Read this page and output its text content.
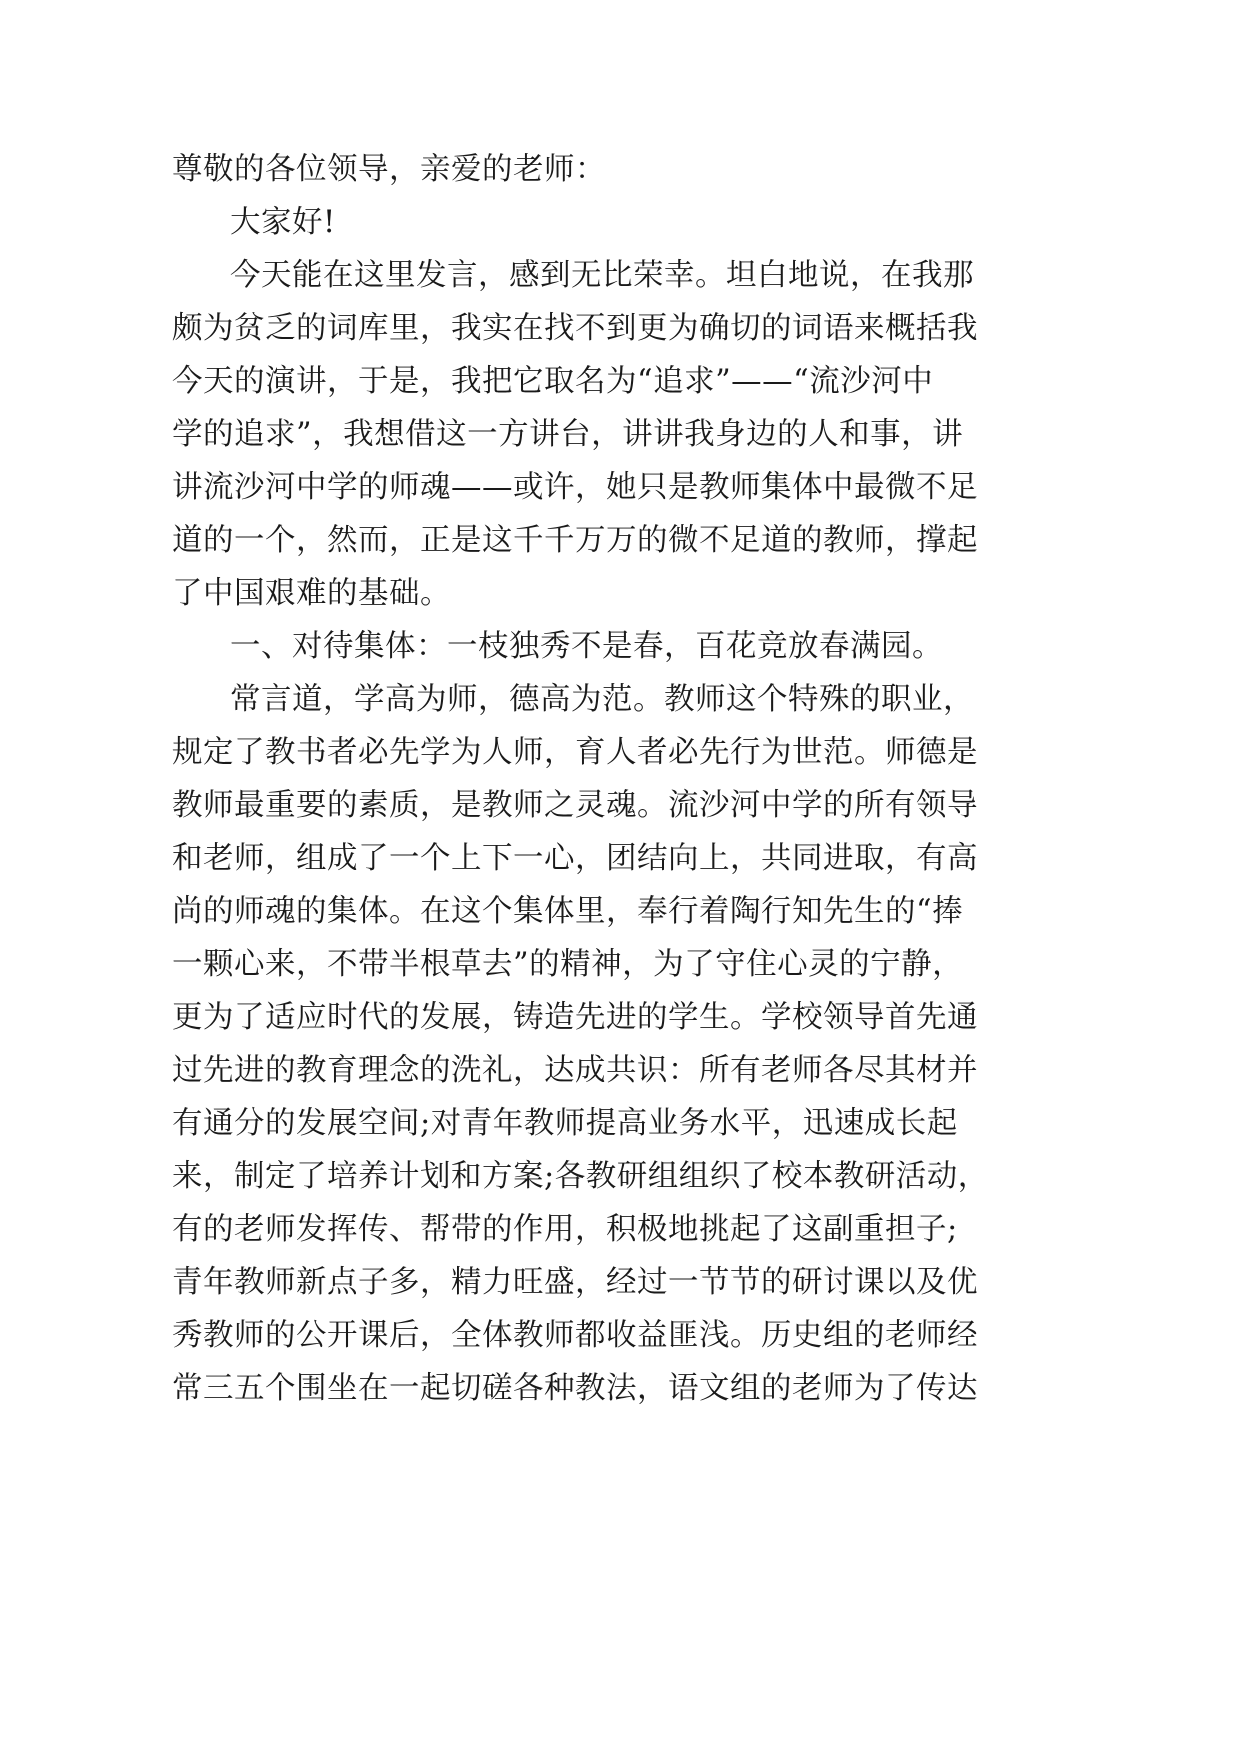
尊敬的各位领导，亲爱的老师：
大家好!
今天能在这里发言，感到无比荣幸。坦白地说，在我那
颇为贫乏的词库里，我实在找不到更为确切的词语来概括我
今天的演讲，于是，我把它取名为“追求”——“流沙河中
学的追求”，我想借这一方讲台，讲讲我身边的人和事，讲
讲流沙河中学的师魂——或许，她只是教师集体中最微不足
道的一个，然而，正是这千千万万的微不足道的教师，撑起
了中国艰难的基础。
一、对待集体：一枝独秀不是春，百花竞放春满园。
常言道，学高为师，德高为范。教师这个特殊的职业，
规定了教书者必先学为人师，育人者必先行为世范。师德是
教师最重要的素质，是教师之灵魂。流沙河中学的所有领导
和老师，组成了一个上下一心，团结向上，共同进取，有高
尚的师魂的集体。在这个集体里，奉行着陶行知先生的“捧
一颗心来，不带半根草去”的精神，为了守住心灵的宁静，
更为了适应时代的发展，铸造先进的学生。学校领导首先通
过先进的教育理念的洗礼，达成共识：所有老师各尽其材并
有通分的发展空间;对青年教师提高业务水平，迅速成长起
来，制定了培养计划和方案;各教研组组织了校本教研活动，
有的老师发挥传、帮带的作用，积极地挑起了这副重担子;
青年教师新点子多，精力旺盛，经过一节节的研讨课以及优
秀教师的公开课后，全体教师都收益匪浅。历史组的老师经
常三五个围坐在一起切磋各种教法，语文组的老师为了传达
